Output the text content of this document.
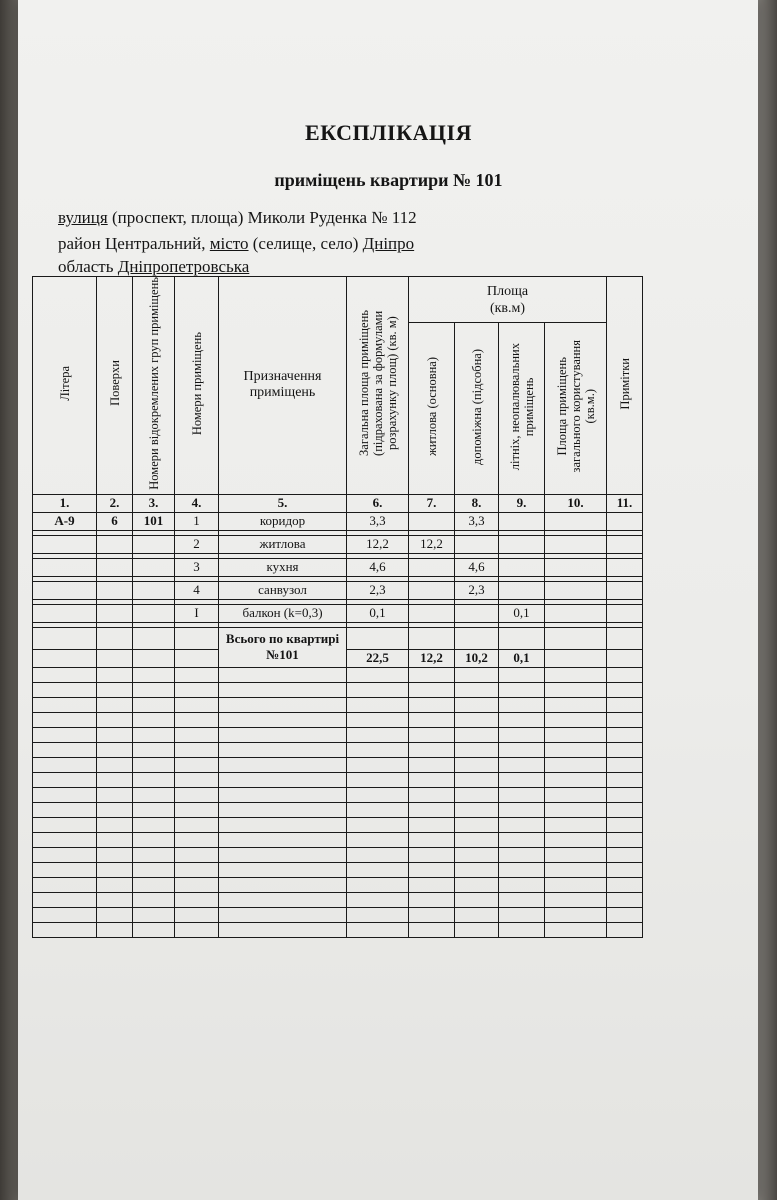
ЕКСПЛІКАЦІЯ
приміщень квартири № 101
вулиця (проспект, площа) Миколи Руденка № 112
район Центральний, місто (селище, село) Дніпро
область Дніпропетровська
Літера	Поверхи	Номери відокремлених груп приміщень	Номери приміщень	Призначення приміщень	Загальна площа приміщень
(підрахована за формулами
розрахунку площ) (кв. м)	Площа
(кв.м)				Примітки
						житлова (основна)	допоміжна (підсобна)	літніх, неопалювальних
приміщень	Площа приміщень
загального користування
(кв.м.)	
1.	2.	3.	4.	5.	6.	7.	8.	9.	10.	11.
А-9	6	101	1	коридор	3,3		3,3			

			2	житлова	12,2	12,2				

			3	кухня	4,6		4,6			

			4	санвузол	2,3		2,3			

			І	балкон (k=0,3)	0,1			0,1		

				Всього по квартирі
№101						
					22,5	12,2	10,2	0,1		
